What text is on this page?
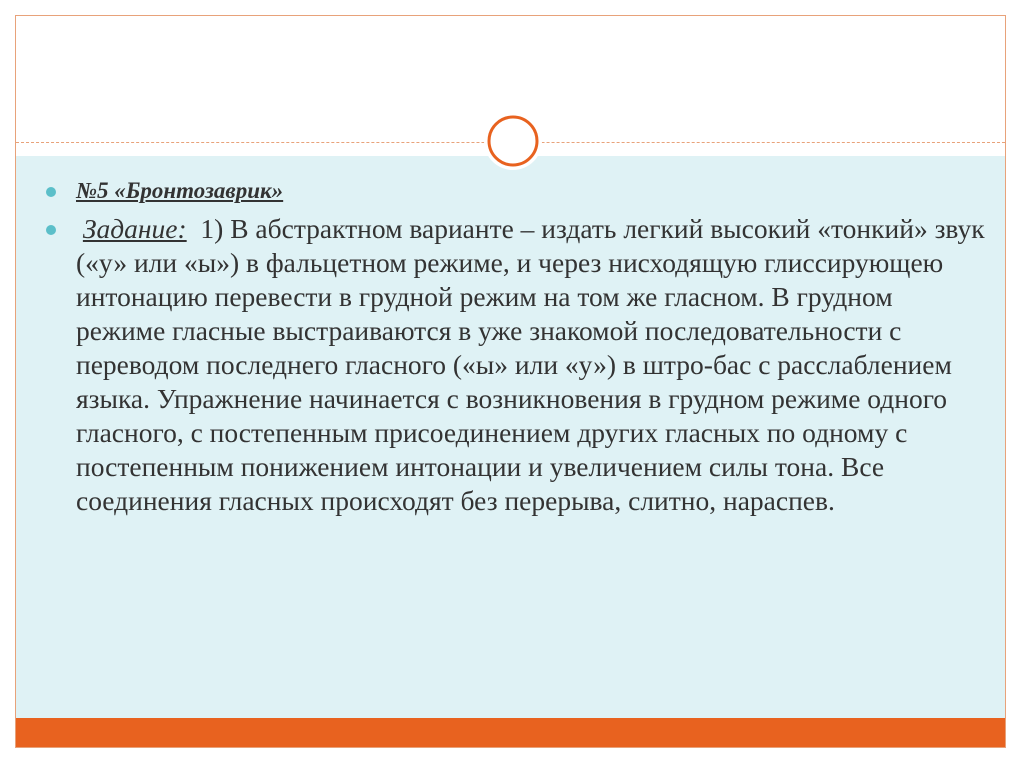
№5 «Бронтозаврик»
Задание: 1) В абстрактном варианте – издать легкий высокий «тонкий» звук («у» или «ы») в фальцетном режиме, и через нисходящую глиссирующею интонацию перевести в грудной режим на том же гласном. В грудном режиме гласные выстраиваются в уже знакомой последовательности с переводом последнего гласного («ы» или «у») в штро-бас с расслаблением языка. Упражнение начинается с возникновения в грудном режиме одного гласного, с постепенным присоединением других гласных по одному с постепенным понижением интонации и увеличением силы тона. Все соединения гласных происходят без перерыва, слитно, нараспев.
